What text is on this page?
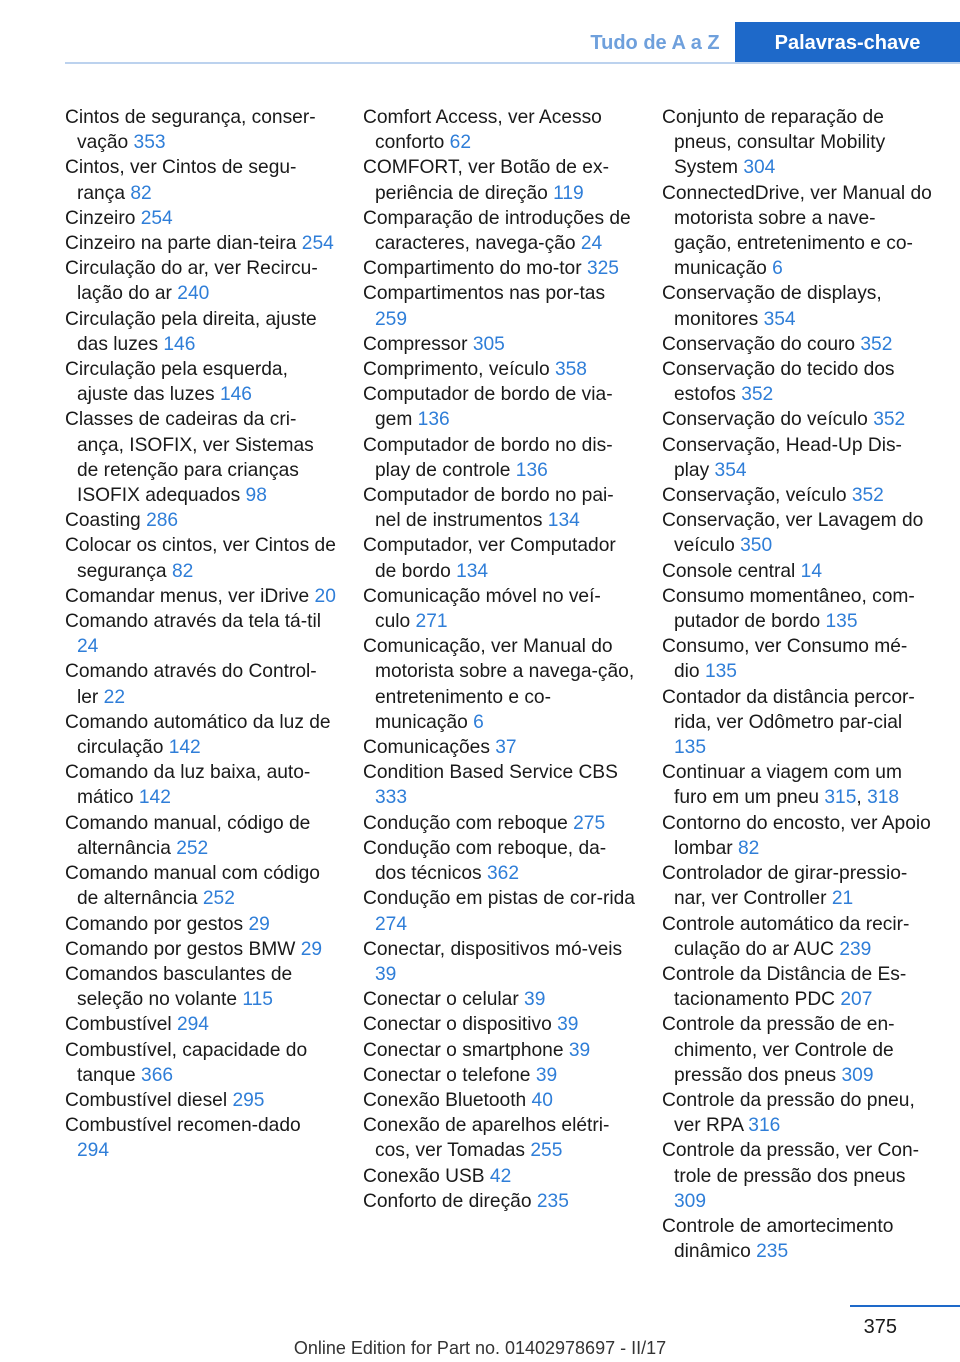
Tudo de A a Z	Palavras-chave

Cintos de segurança, conser‐vação 353

Cintos, ver Cintos de segu‐rança 82

Cinzeiro 254

Cinzeiro na parte dian‐teira 254

Circulação do ar, ver Recircu‐lação do ar 240

Circulação pela direita, ajuste das luzes 146

Circulação pela esquerda, ajuste das luzes 146

Classes de cadeiras da cri‐ança, ISOFIX, ver Sistemas de retenção para crianças ISOFIX adequados 98

Coasting 286

Colocar os cintos, ver Cintos de segurança 82

Comandar menus, ver iDrive 20

Comando através da tela tá‐til 24

Comando através do Control‐ler 22

Comando automático da luz de circulação 142

Comando da luz baixa, auto‐mático 142

Comando manual, código de alternância 252

Comando manual com código de alternância 252

Comando por gestos 29

Comando por gestos BMW 29

Comandos basculantes de seleção no volante 115

Combustível 294

Combustível, capacidade do tanque 366

Combustível diesel 295

Combustível recomen‐dado 294

Comfort Access, ver Acesso conforto 62

COMFORT, ver Botão de ex‐periência de direção 119

Comparação de introduções de caracteres, navega‐ção 24

Compartimento do mo‐tor 325

Compartimentos nas por‐tas 259

Compressor 305

Comprimento, veículo 358

Computador de bordo de via‐gem 136

Computador de bordo no dis‐play de controle 136

Computador de bordo no pai‐nel de instrumentos 134

Computador, ver Computador de bordo 134

Comunicação móvel no veí‐culo 271

Comunicação, ver Manual do motorista sobre a navega‐ção, entretenimento e co‐municação 6

Comunicações 37

Condition Based Service CBS 333

Condução com reboque 275

Condução com reboque, da‐dos técnicos 362

Condução em pistas de cor‐rida 274

Conectar, dispositivos mó‐veis 39

Conectar o celular 39

Conectar o dispositivo 39

Conectar o smartphone 39

Conectar o telefone 39

Conexão Bluetooth 40

Conexão de aparelhos elétri‐cos, ver Tomadas 255

Conexão USB 42

Conforto de direção 235

Conjunto de reparação de pneus, consultar Mobility System 304

ConnectedDrive, ver Manual do motorista sobre a nave‐gação, entretenimento e co‐municação 6

Conservação de displays, monitores 354

Conservação do couro 352

Conservação do tecido dos estofos 352

Conservação do veículo 352

Conservação, Head-Up Dis‐play 354

Conservação, veículo 352

Conservação, ver Lavagem do veículo 350

Console central 14

Consumo momentâneo, com‐putador de bordo 135

Consumo, ver Consumo mé‐dio 135

Contador da distância percor‐rida, ver Odômetro par‐cial 135

Continuar a viagem com um furo em um pneu 315, 318

Contorno do encosto, ver Apoio lombar 82

Controlador de girar-pressio‐nar, ver Controller 21

Controle automático da recir‐culação do ar AUC 239

Controle da Distância de Es‐tacionamento PDC 207

Controle da pressão de en‐chimento, ver Controle de pressão dos pneus 309

Controle da pressão do pneu, ver RPA 316

Controle da pressão, ver Con‐trole de pressão dos pneus 309

Controle de amortecimento dinâmico 235

375
Online Edition for Part no. 01402978697 - II/17
